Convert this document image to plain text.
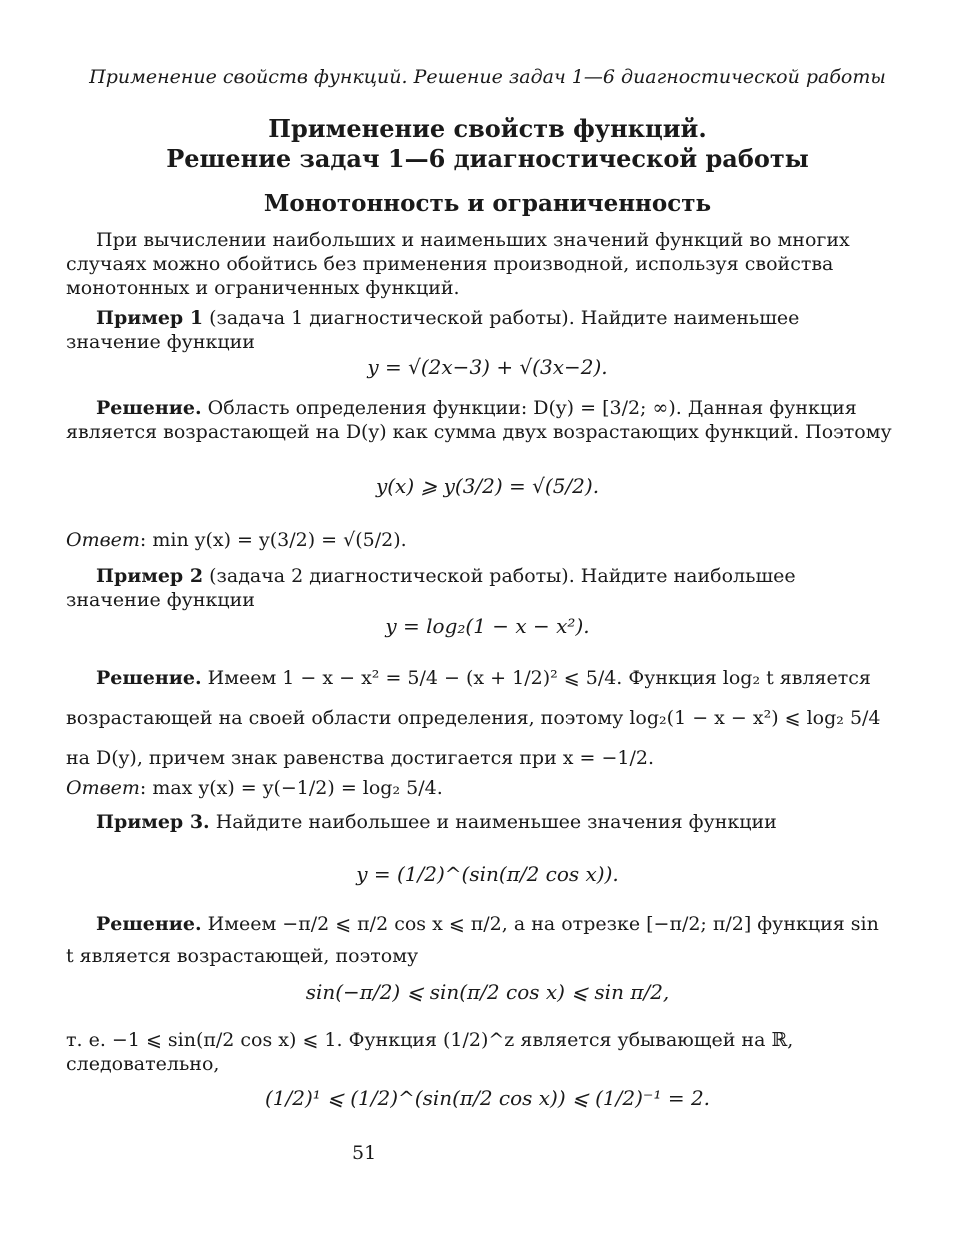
Применение свойств функций. Решение задач 1—6 диагностической работы
Применение свойств функций.
Решение задач 1—6 диагностической работы
Монотонность и ограниченность
При вычислении наибольших и наименьших значений функций во многих случаях можно обойтись без применения производной, используя свойства монотонных и ограниченных функций.
Пример 1 (задача 1 диагностической работы). Найдите наименьшее значение функции
y = √(2x−3) + √(3x−2).
Решение. Область определения функции: D(y) = [3/2; ∞). Данная функция является возрастающей на D(y) как сумма двух возрастающих функций. Поэтому
y(x) ⩾ y(3/2) = √(5/2).
Ответ: min y(x) = y(3/2) = √(5/2).
Пример 2 (задача 2 диагностической работы). Найдите наибольшее значение функции
y = log₂(1 − x − x²).
Решение. Имеем 1 − x − x² = 5/4 − (x + 1/2)² ⩽ 5/4. Функция log₂ t является возрастающей на своей области определения, поэтому log₂(1 − x − x²) ⩽ log₂ 5/4 на D(y), причем знак равенства достигается при x = −1/2.
Ответ: max y(x) = y(−1/2) = log₂ 5/4.
Пример 3. Найдите наибольшее и наименьшее значения функции
y = (1/2)^(sin(π/2 cos x)).
Решение. Имеем −π/2 ⩽ π/2 cos x ⩽ π/2, а на отрезке [−π/2; π/2] функция sin t является возрастающей, поэтому
sin(−π/2) ⩽ sin(π/2 cos x) ⩽ sin π/2,
т. е. −1 ⩽ sin(π/2 cos x) ⩽ 1. Функция (1/2)^z является убывающей на ℝ, следовательно,
(1/2)¹ ⩽ (1/2)^(sin(π/2 cos x)) ⩽ (1/2)⁻¹ = 2.
51
